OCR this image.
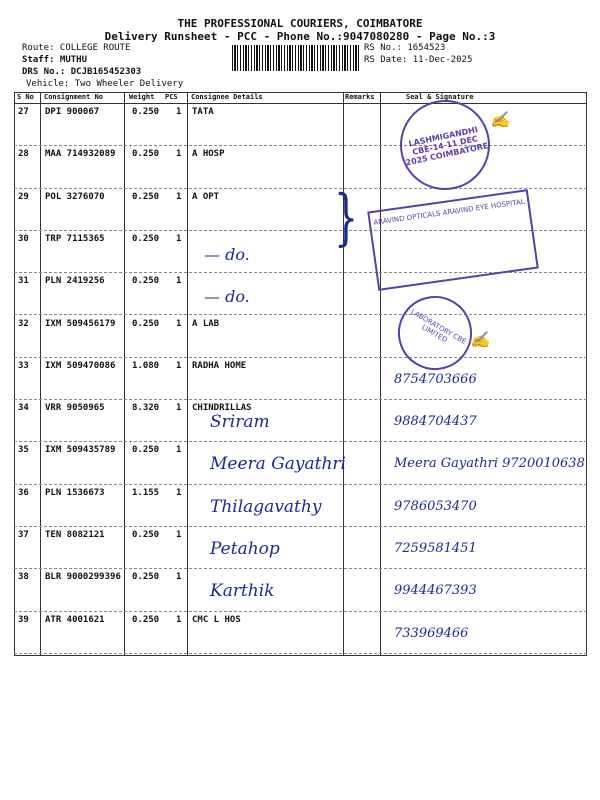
THE PROFESSIONAL COURIERS, COIMBATORE
Delivery Runsheet - PCC - Phone No.:9047080280 - Page No.:3
Route: COLLEGE ROUTE
Staff: MUTHU
DRS No.: DCJB165452303
Vehicle: Two Wheeler Delivery
RS No.: 1654523
RS Date: 11-Dec-2025
S No Consignment No	Weight PCS Consignee Details	Remarks	Seal & Signature
27 DPI 900067	0.250 1 TATA
28 MAA 714932089 0.250 1 A HOSP
29 POL 3276070	0.250 1 A OPT
30 TRP 7115365	0.250 1
— do.
31 PLN 2419256	0.250 1
— do.
32 IXM 509456179 0.250 1 A LAB
33 IXM 509470086 1.080 1 RADHA HOME
8754703666
34 VRR 9050965	8.320 1 CHINDRILLAS
Sriram	9884704437
35 IXM 509435789 0.250 1
Meera Gayathri	Meera Gayathri 9720010638
36 PLN 1536673	1.155 1
Thilagavathy	9786053470
37 TEN 8082121	0.250 1
Petahop	7259581451
38 BLR 9000299396 0.250 1
Karthik	9944467393
39 ATR 4001621	0.250 1 CMC L HOS
733969466
LASHMIGANDHI CBE-14 11 DEC 2025 COIMBATORE
ARAVIND OPTICALS ARAVIND EYE HOSPITAL
LABORATORY CBE LIMITED
✍
✍
}
